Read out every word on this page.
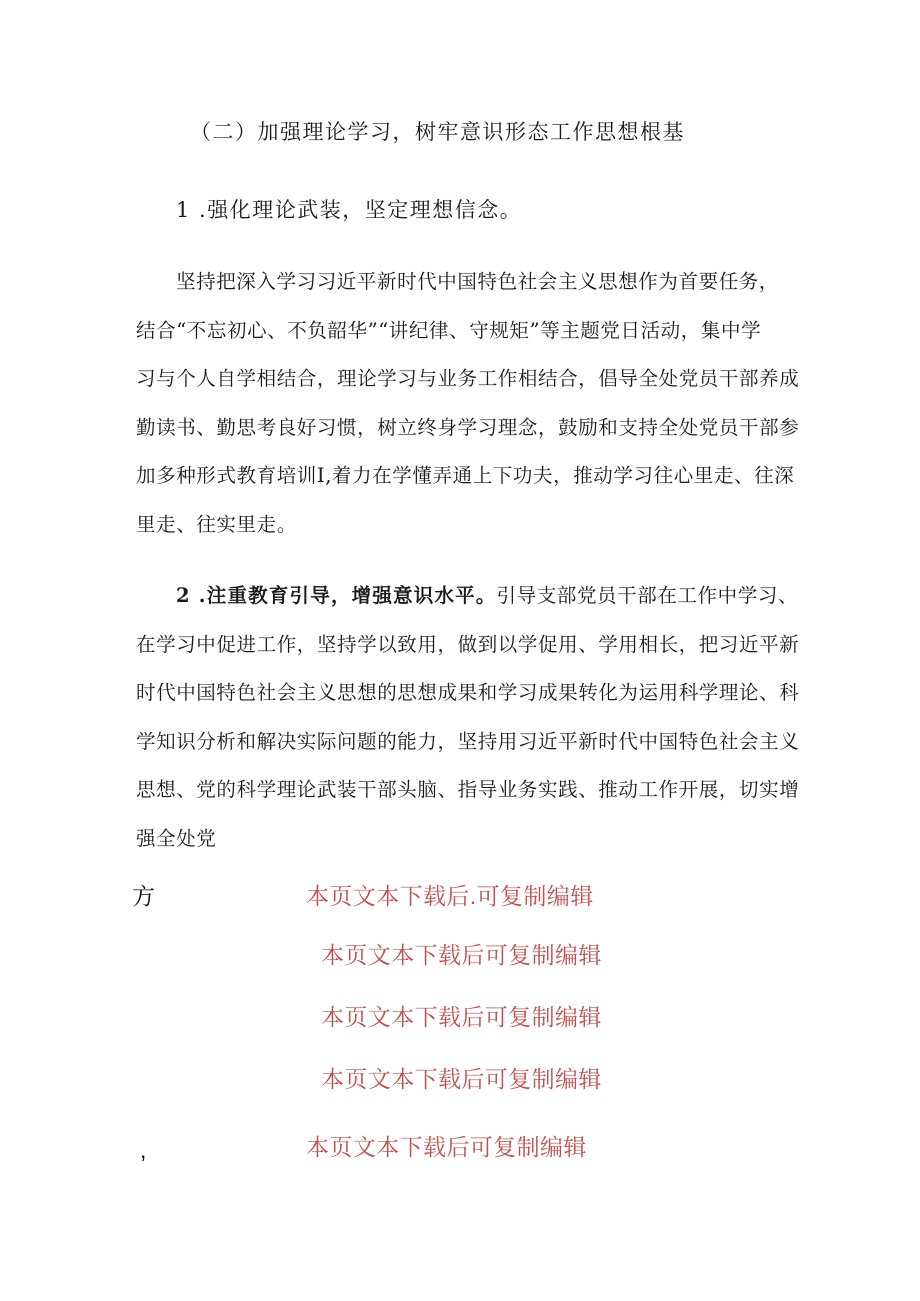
（二）加强理论学习，树牢意识形态工作思想根基
1 .强化理论武装，坚定理想信念。
坚持把深入学习习近平新时代中国特色社会主义思想作为首要任务，
结合“不忘初心、不负韶华”“讲纪律、守规矩”等主题党日活动，集中学
习与个人自学相结合，理论学习与业务工作相结合，倡导全处党员干部养成
勤读书、勤思考良好习惯，树立终身学习理念，鼓励和支持全处党员干部参
加多种形式教育培训I,着力在学懂弄通上下功夫，推动学习往心里走、往深
里走、往实里走。
2 .注重教育引导，增强意识水平。引导支部党员干部在工作中学习、
在学习中促进工作，坚持学以致用，做到以学促用、学用相长，把习近平新
时代中国特色社会主义思想的思想成果和学习成果转化为运用科学理论、科
学知识分析和解决实际问题的能力，坚持用习近平新时代中国特色社会主义
思想、党的科学理论武装干部头脑、指导业务实践、推动工作开展，切实增
强全处党
方
,
本页文本下载后.可复制编辑
本页文本下载后可复制编辑
本页文本下载后可复制编辑
本页文本下载后可复制编辑
本页文本下载后可复制编辑
